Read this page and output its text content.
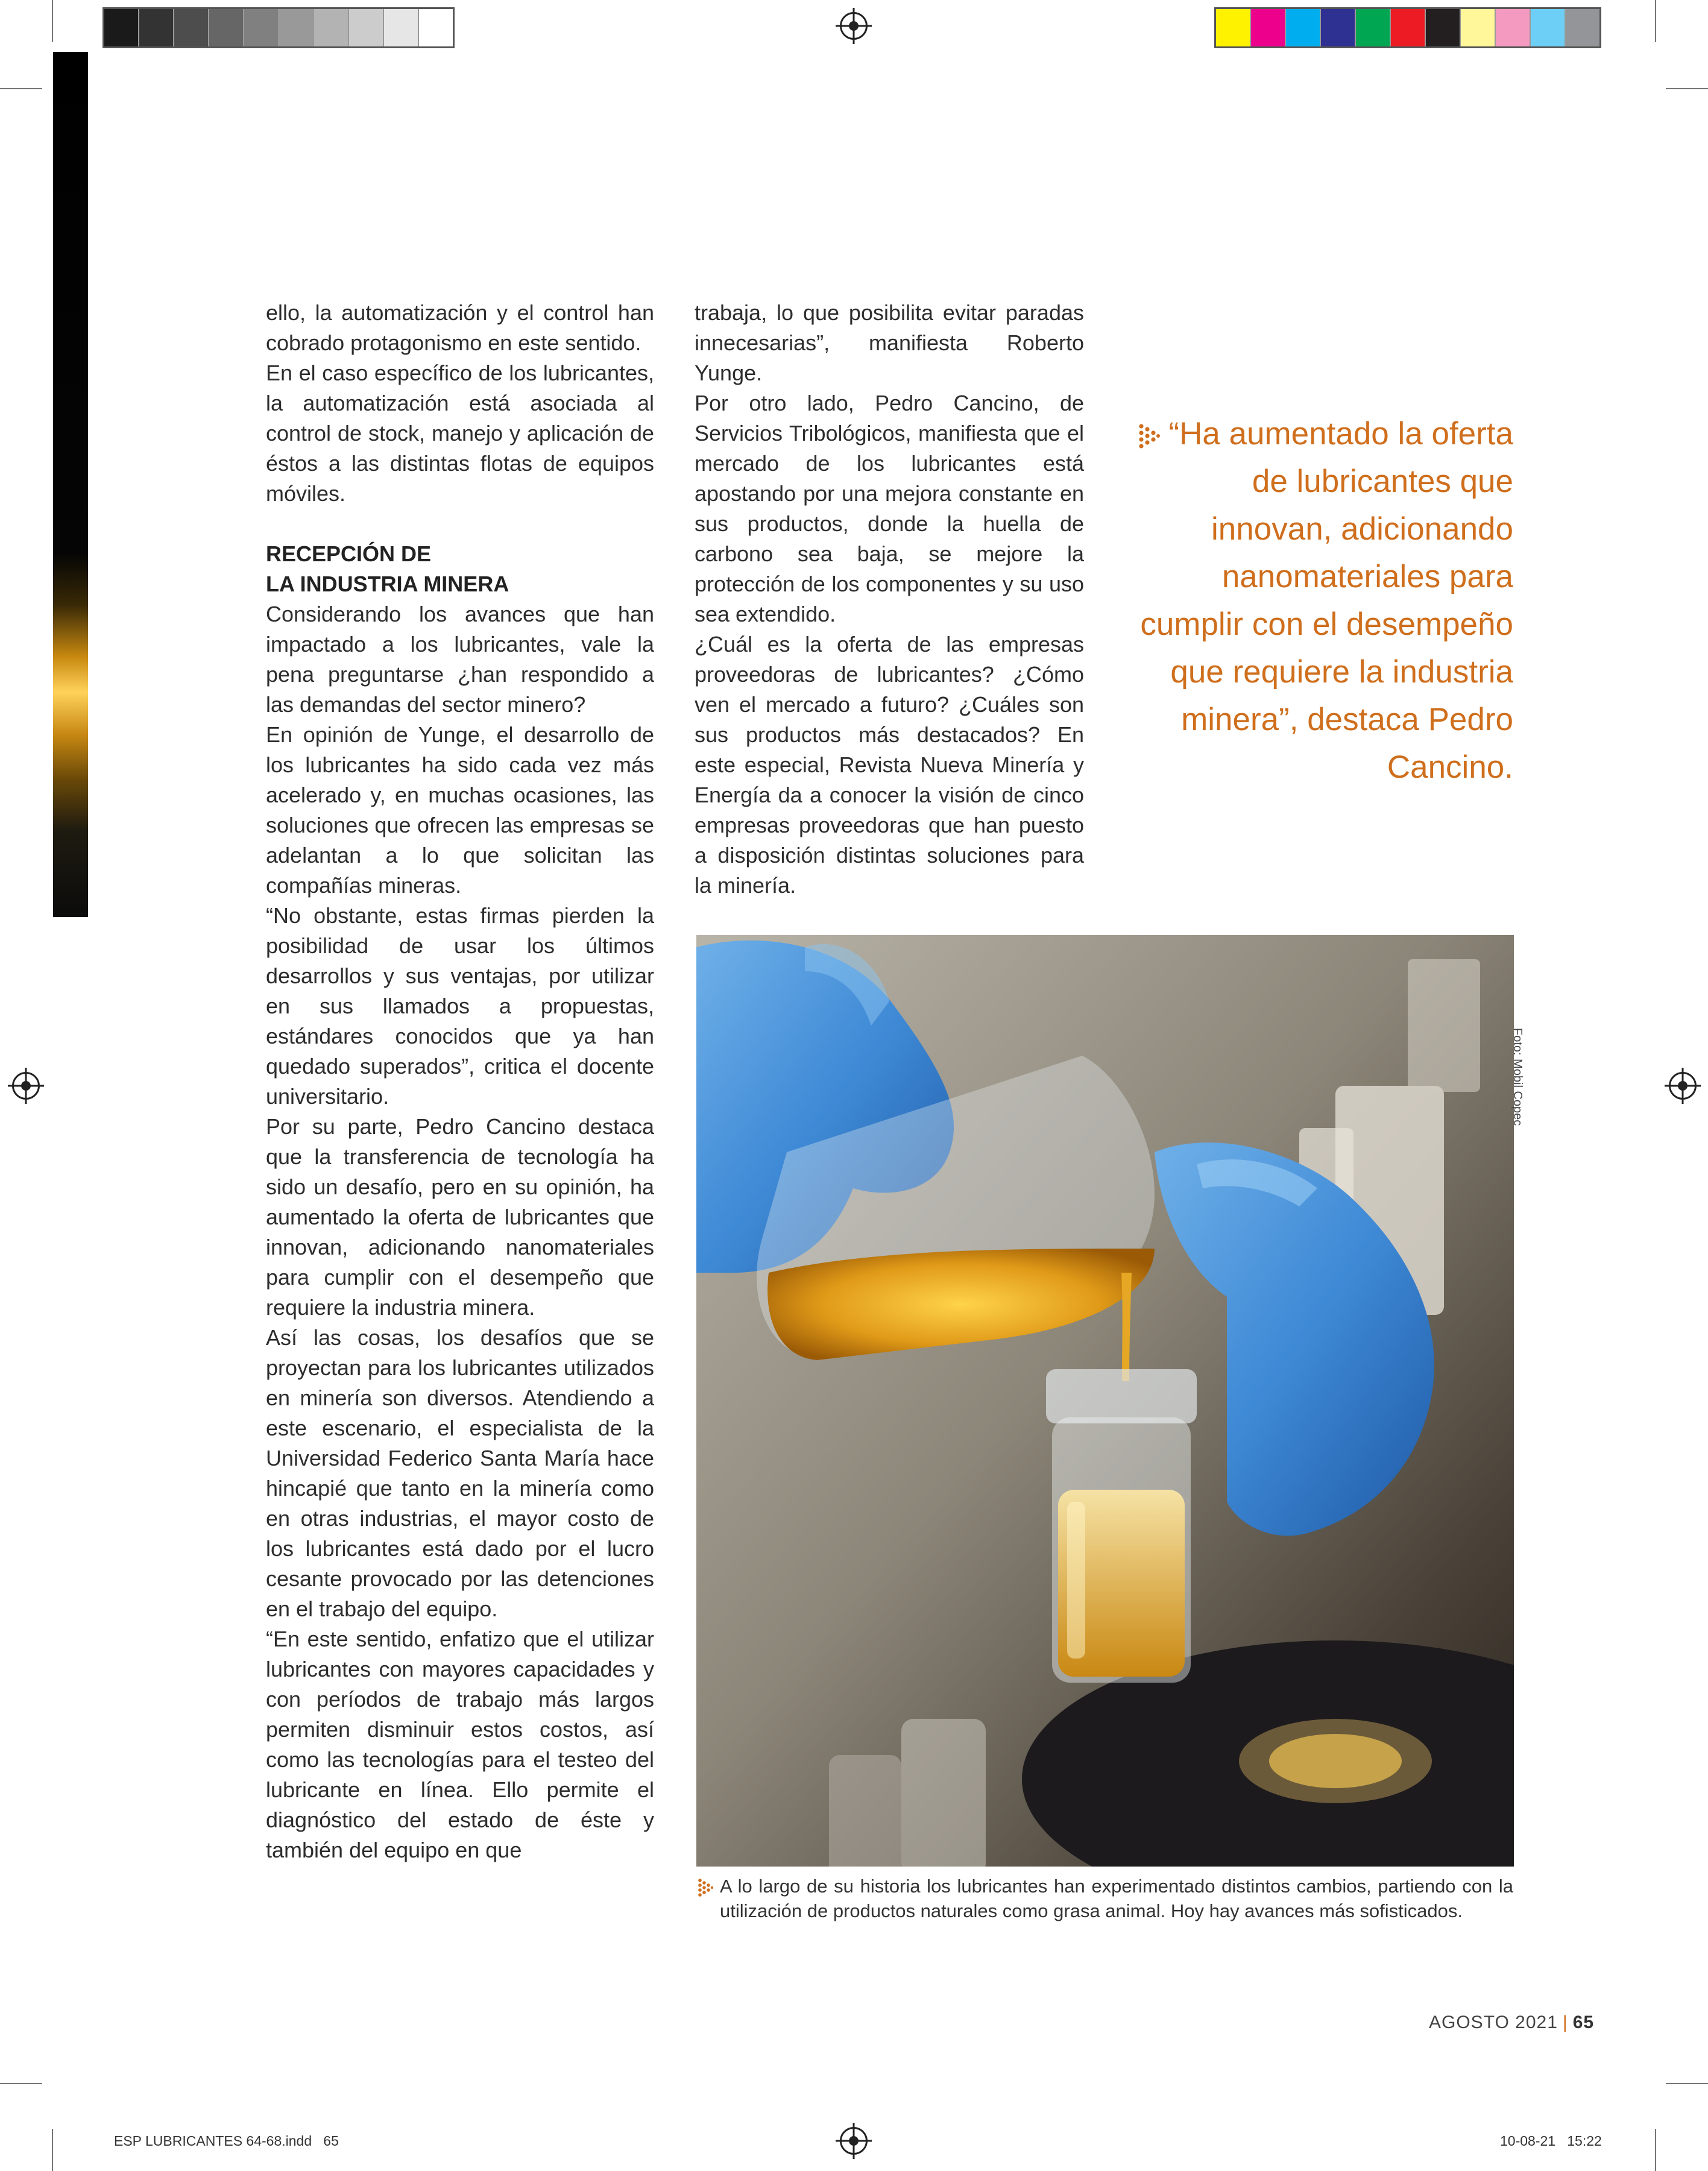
ello, la automatización y el control han cobrado protagonismo en este sentido.

En el caso específico de los lubricantes, la automatización está asociada al control de stock, manejo y aplicación de éstos a las distintas flotas de equipos móviles.

RECEPCIÓN DE
LA INDUSTRIA MINERA

Considerando los avances que han impactado a los lubricantes, vale la pena preguntarse ¿han respondido a las demandas del sector minero?

En opinión de Yunge, el desarrollo de los lubricantes ha sido cada vez más acelerado y, en muchas ocasiones, las soluciones que ofrecen las empresas se adelantan a lo que solicitan las compañías mineras.

“No obstante, estas firmas pierden la posibilidad de usar los últimos desarrollos y sus ventajas, por utilizar en sus llamados a propuestas, estándares conocidos que ya han quedado superados”, critica el docente universitario.

Por su parte, Pedro Cancino destaca que la transferencia de tecnología ha sido un desafío, pero en su opinión, ha aumentado la oferta de lubricantes que innovan, adicionando nanomateriales para cumplir con el desempeño que requiere la industria minera.

Así las cosas, los desafíos que se proyectan para los lubricantes utilizados en minería son diversos. Atendiendo a este escenario, el especialista de la Universidad Federico Santa María hace hincapié que tanto en la minería como en otras industrias, el mayor costo de los lubricantes está dado por el lucro cesante provocado por las detenciones en el trabajo del equipo.

“En este sentido, enfatizo que el utilizar lubricantes con mayores capacidades y con períodos de trabajo más largos permiten disminuir estos costos, así como las tecnologías para el testeo del lubricante en línea. Ello permite el diagnóstico del estado de éste y también del equipo en que

trabaja, lo que posibilita evitar paradas innecesarias”, manifiesta Roberto Yunge.

Por otro lado, Pedro Cancino, de Servicios Tribológicos, manifiesta que el mercado de los lubricantes está apostando por una mejora constante en sus productos, donde la huella de carbono sea baja, se mejore la protección de los componentes y su uso sea extendido.

¿Cuál es la oferta de las empresas proveedoras de lubricantes? ¿Cómo ven el mercado a futuro? ¿Cuáles son sus productos más destacados? En este especial, Revista Nueva Minería y Energía da a conocer la visión de cinco empresas proveedoras que han puesto a disposición distintas soluciones para la minería.

“Ha aumentado la oferta de lubricantes que innovan, adicionando nanomateriales para cumplir con el desempeño que requiere la industria minera”, destaca Pedro Cancino.
Foto: Mobil Copec
A lo largo de su historia los lubricantes han experimentado distintos cambios, partiendo con la utilización de productos naturales como grasa animal. Hoy hay avances más sofisticados.
AGOSTO 2021 | 65
ESP LUBRICANTES 64-68.indd   65	10-08-21   15:22
